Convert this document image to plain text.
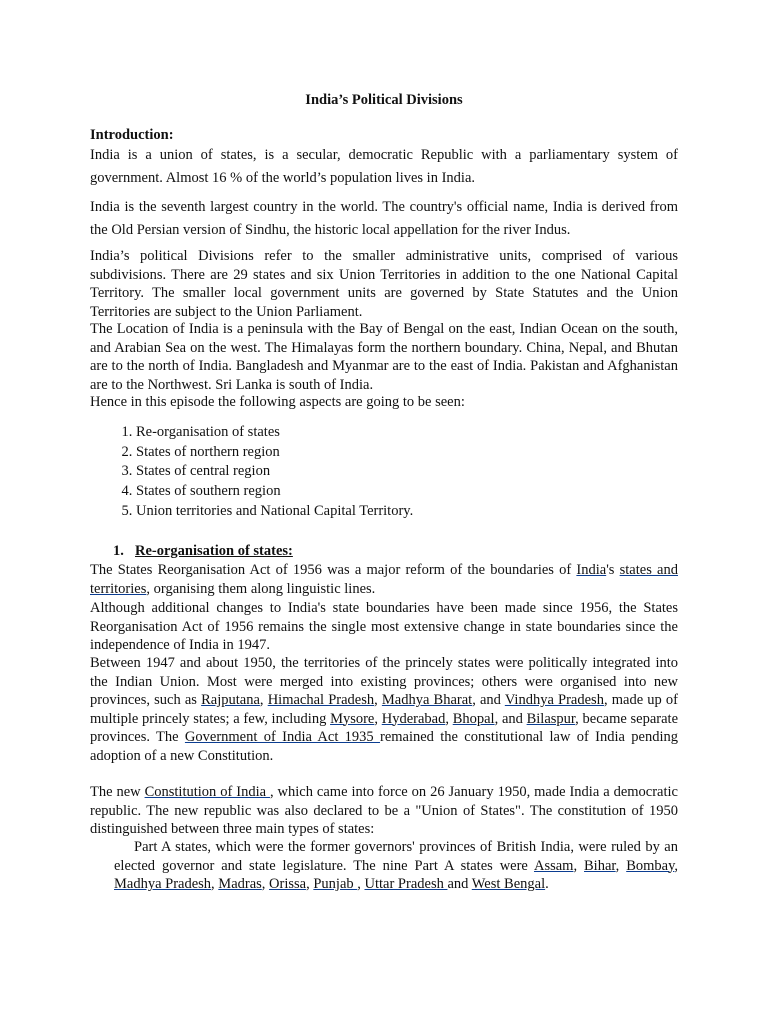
India’s Political Divisions
Introduction:
India is a union of states, is a secular, democratic Republic with a parliamentary system of government. Almost 16 % of the world’s population lives in India.
India is the seventh largest country in the world. The country's official name, India is derived from the Old Persian version of Sindhu, the historic local appellation for the river Indus.
India’s political Divisions refer to the smaller administrative units, comprised of various subdivisions. There are 29 states and six Union Territories in addition to the one National Capital Territory. The smaller local government units are governed by State Statutes and the Union Territories are subject to the Union Parliament.
The Location of India is a peninsula with the Bay of Bengal on the east, Indian Ocean on the south, and Arabian Sea on the west. The Himalayas form the northern boundary. China, Nepal, and Bhutan are to the north of India. Bangladesh and Myanmar are to the east of India. Pakistan and Afghanistan are to the Northwest. Sri Lanka is south of India.
Hence in this episode the following aspects are going to be seen:
1. Re-organisation of states
2. States of northern region
3. States of central region
4. States of southern region
5. Union territories and National Capital Territory.
1. Re-organisation of states:
The States Reorganisation Act of 1956 was a major reform of the boundaries of India's states and territories, organising them along linguistic lines.
Although additional changes to India's state boundaries have been made since 1956, the States Reorganisation Act of 1956 remains the single most extensive change in state boundaries since the independence of India in 1947.
Between 1947 and about 1950, the territories of the princely states were politically integrated into the Indian Union. Most were merged into existing provinces; others were organised into new provinces, such as Rajputana, Himachal Pradesh, Madhya Bharat, and Vindhya Pradesh, made up of multiple princely states; a few, including Mysore, Hyderabad, Bhopal, and Bilaspur, became separate provinces. The Government of India Act 1935 remained the constitutional law of India pending adoption of a new Constitution.
The new Constitution of India , which came into force on 26 January 1950, made India a democratic republic. The new republic was also declared to be a "Union of States". The constitution of 1950 distinguished between three main types of states:
Part A states, which were the former governors' provinces of British India, were ruled by an elected governor and state legislature. The nine Part A states were Assam, Bihar, Bombay, Madhya Pradesh, Madras, Orissa, Punjab , Uttar Pradesh and West Bengal.
